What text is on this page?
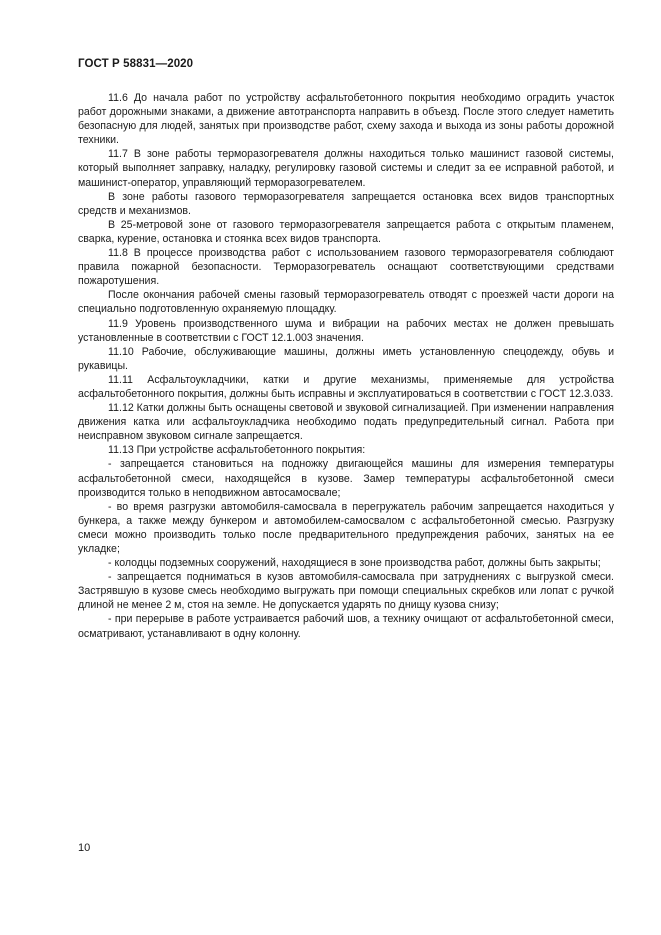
ГОСТ Р 58831—2020

11.6 До начала работ по устройству асфальтобетонного покрытия необходимо оградить участок работ дорожными знаками, а движение автотранспорта направить в объезд. После этого следует наметить безопасную для людей, занятых при производстве работ, схему захода и выхода из зоны работы дорожной техники.

11.7 В зоне работы терморазогревателя должны находиться только машинист газовой системы, который выполняет заправку, наладку, регулировку газовой системы и следит за ее исправной работой, и машинист-оператор, управляющий терморазогревателем.

В зоне работы газового терморазогревателя запрещается остановка всех видов транспортных средств и механизмов.

В 25-метровой зоне от газового терморазогревателя запрещается работа с открытым пламенем, сварка, курение, остановка и стоянка всех видов транспорта.

11.8 В процессе производства работ с использованием газового терморазогревателя соблюдают правила пожарной безопасности. Терморазогреватель оснащают соответствующими средствами пожаротушения.

После окончания рабочей смены газовый терморазогреватель отводят с проезжей части дороги на специально подготовленную охраняемую площадку.

11.9 Уровень производственного шума и вибрации на рабочих местах не должен превышать установленные в соответствии с ГОСТ 12.1.003 значения.

11.10 Рабочие, обслуживающие машины, должны иметь установленную спецодежду, обувь и рукавицы.

11.11 Асфальтоукладчики, катки и другие механизмы, применяемые для устройства асфальтобетонного покрытия, должны быть исправны и эксплуатироваться в соответствии с ГОСТ 12.3.033.

11.12 Катки должны быть оснащены световой и звуковой сигнализацией. При изменении направления движения катка или асфальтоукладчика необходимо подать предупредительный сигнал. Работа при неисправном звуковом сигнале запрещается.

11.13 При устройстве асфальтобетонного покрытия:

- запрещается становиться на подножку двигающейся машины для измерения температуры асфальтобетонной смеси, находящейся в кузове. Замер температуры асфальтобетонной смеси производится только в неподвижном автосамосвале;

- во время разгрузки автомобиля-самосвала в перегружатель рабочим запрещается находиться у бункера, а также между бункером и автомобилем-самосвалом с асфальтобетонной смесью. Разгрузку смеси можно производить только после предварительного предупреждения рабочих, занятых на ее укладке;

- колодцы подземных сооружений, находящиеся в зоне производства работ, должны быть закрыты;

- запрещается подниматься в кузов автомобиля-самосвала при затруднениях с выгрузкой смеси. Застрявшую в кузове смесь необходимо выгружать при помощи специальных скребков или лопат с ручкой длиной не менее 2 м, стоя на земле. Не допускается ударять по днищу кузова снизу;

- при перерыве в работе устраивается рабочий шов, а технику очищают от асфальтобетонной смеси, осматривают, устанавливают в одну колонну.

10
